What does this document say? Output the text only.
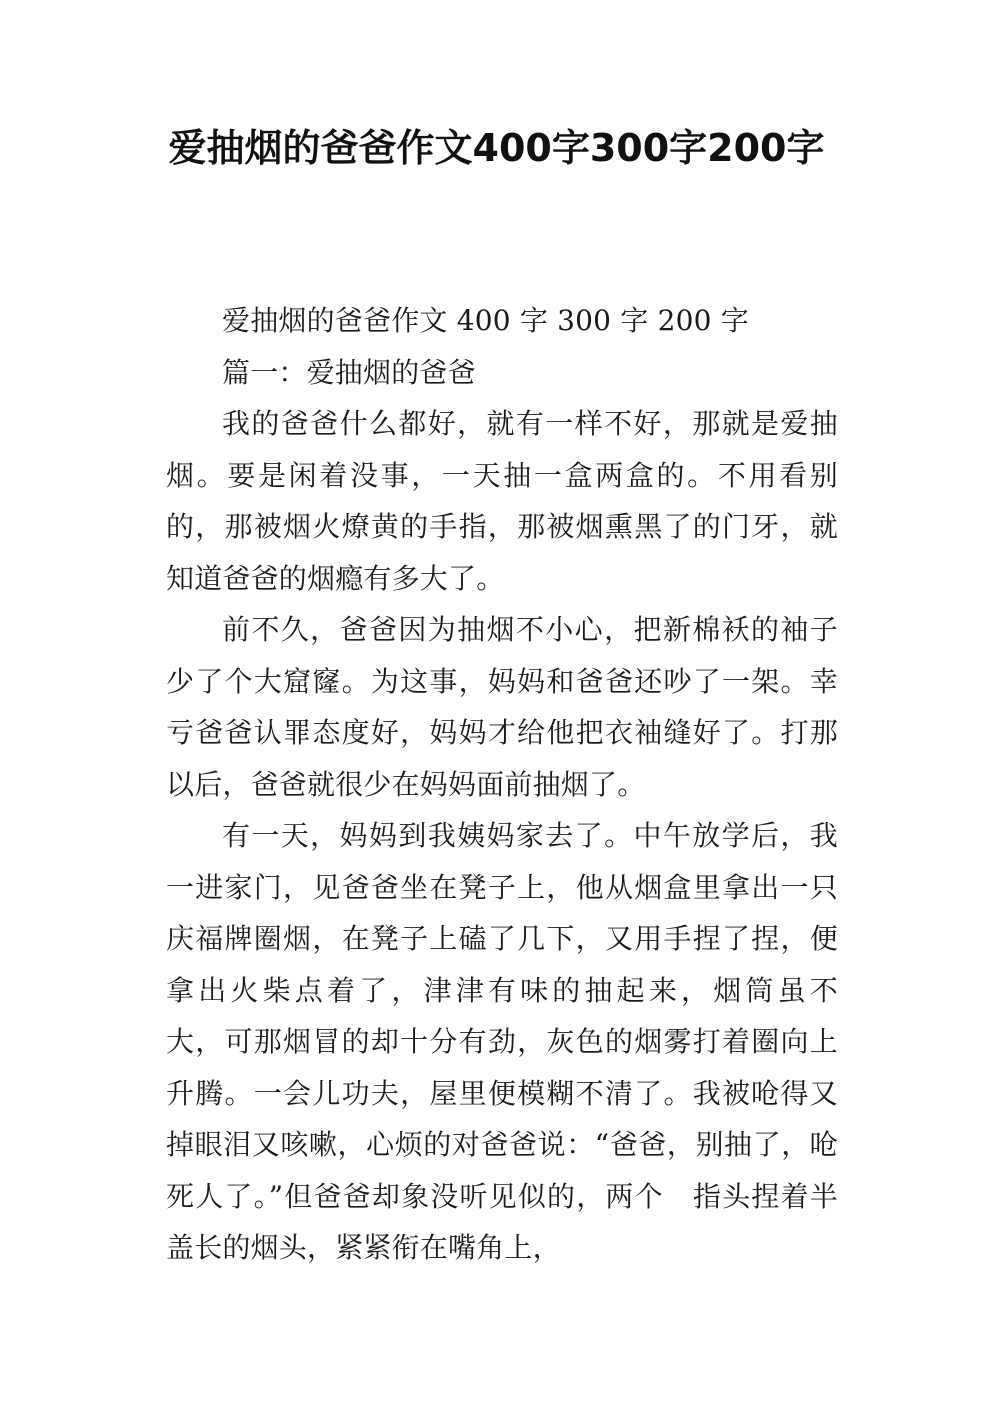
爱抽烟的爸爸作文400字300字200字

爱抽烟的爸爸作文 400 字 300 字 200 字

篇一：爱抽烟的爸爸

我的爸爸什么都好，就有一样不好，那就是爱抽烟。要是闲着没事，一天抽一盒两盒的。不用看别的，那被烟火燎黄的手指，那被烟熏黑了的门牙，就知道爸爸的烟瘾有多大了。

前不久，爸爸因为抽烟不小心，把新棉袄的袖子少了个大窟窿。为这事，妈妈和爸爸还吵了一架。幸亏爸爸认罪态度好，妈妈才给他把衣袖缝好了。打那以后，爸爸就很少在妈妈面前抽烟了。

有一天，妈妈到我姨妈家去了。中午放学后，我一进家门，见爸爸坐在凳子上，他从烟盒里拿出一只庆福牌圈烟，在凳子上磕了几下，又用手捏了捏，便拿出火柴点着了，津津有味的抽起来，烟筒虽不　大，可那烟冒的却十分有劲，灰色的烟雾打着圈向上升腾。一会儿功夫，屋里便模糊不清了。我被呛得又掉眼泪又咳嗽，心烦的对爸爸说：“爸爸，别抽了，呛死人了。”但爸爸却象没听见似的，两个　指头捏着半盖长的烟头，紧紧衔在嘴角上，
